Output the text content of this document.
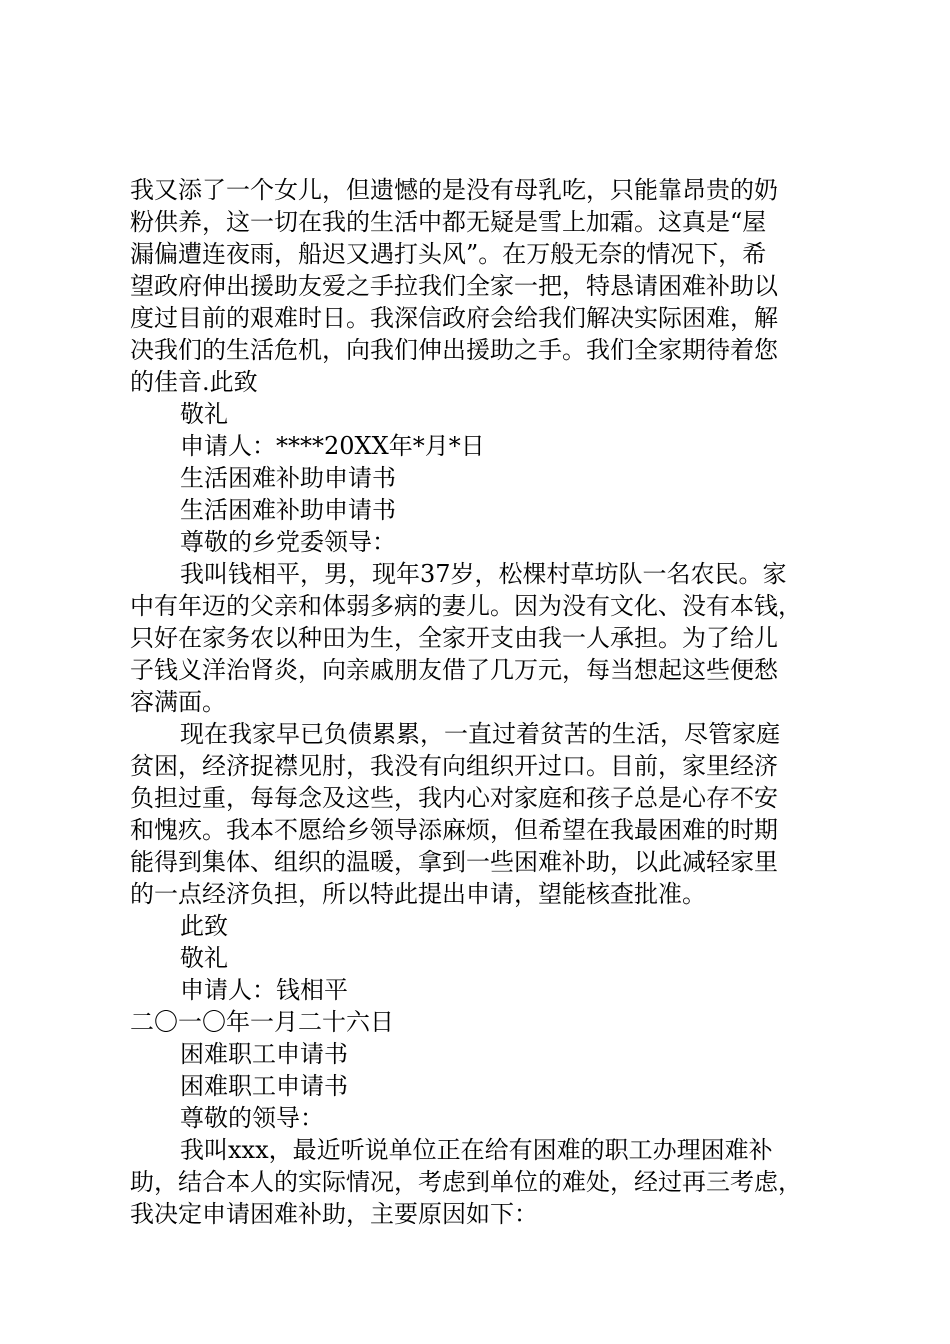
我又添了一个女儿，但遗憾的是没有母乳吃，只能靠昂贵的奶
粉供养，这一切在我的生活中都无疑是雪上加霜。这真是“屋
漏偏遭连夜雨，船迟又遇打头风”。在万般无奈的情况下，希
望政府伸出援助友爱之手拉我们全家一把，特恳请困难补助以
度过目前的艰难时日。我深信政府会给我们解决实际困难，解
决我们的生活危机，向我们伸出援助之手。我们全家期待着您
的佳音.此致
敬礼
申请人：****20XX年*月*日
生活困难补助申请书
生活困难补助申请书
尊敬的乡党委领导：
我叫钱相平，男，现年37岁，松棵村草坊队一名农民。家
中有年迈的父亲和体弱多病的妻儿。因为没有文化、没有本钱，
只好在家务农以种田为生，全家开支由我一人承担。为了给儿
子钱义洋治肾炎，向亲戚朋友借了几万元，每当想起这些便愁
容满面。
现在我家早已负债累累，一直过着贫苦的生活，尽管家庭
贫困，经济捉襟见肘，我没有向组织开过口。目前，家里经济
负担过重，每每念及这些，我内心对家庭和孩子总是心存不安
和愧疚。我本不愿给乡领导添麻烦，但希望在我最困难的时期
能得到集体、组织的温暖，拿到一些困难补助，以此减轻家里
的一点经济负担，所以特此提出申请，望能核查批准。
此致
敬礼
申请人：钱相平
二〇一〇年一月二十六日
困难职工申请书
困难职工申请书
尊敬的领导：
我叫xxx，最近听说单位正在给有困难的职工办理困难补
助，结合本人的实际情况，考虑到单位的难处，经过再三考虑，
我决定申请困难补助，主要原因如下：
